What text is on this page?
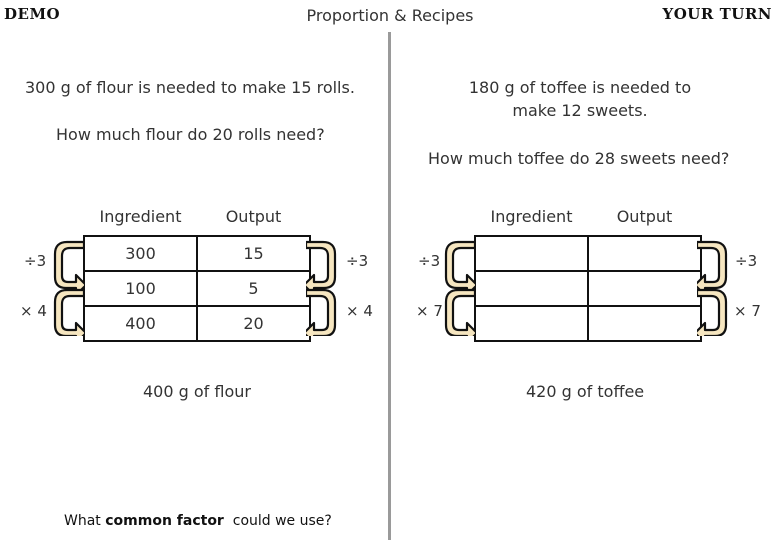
DEMO	Proportion & Recipes	YOUR TURN
300 g of flour is needed to make 15 rolls.
How much flour do 20 rolls need?
Ingredient	Output
300	15
100	5
400	20
÷3
× 4
÷3
× 4
400 g of flour
What common factor  could we use?
180 g of toffee is needed to
make 12 sweets.
How much toffee do 28 sweets need?
Ingredient	Output

÷3
× 7
÷3
× 7
420 g of toffee
